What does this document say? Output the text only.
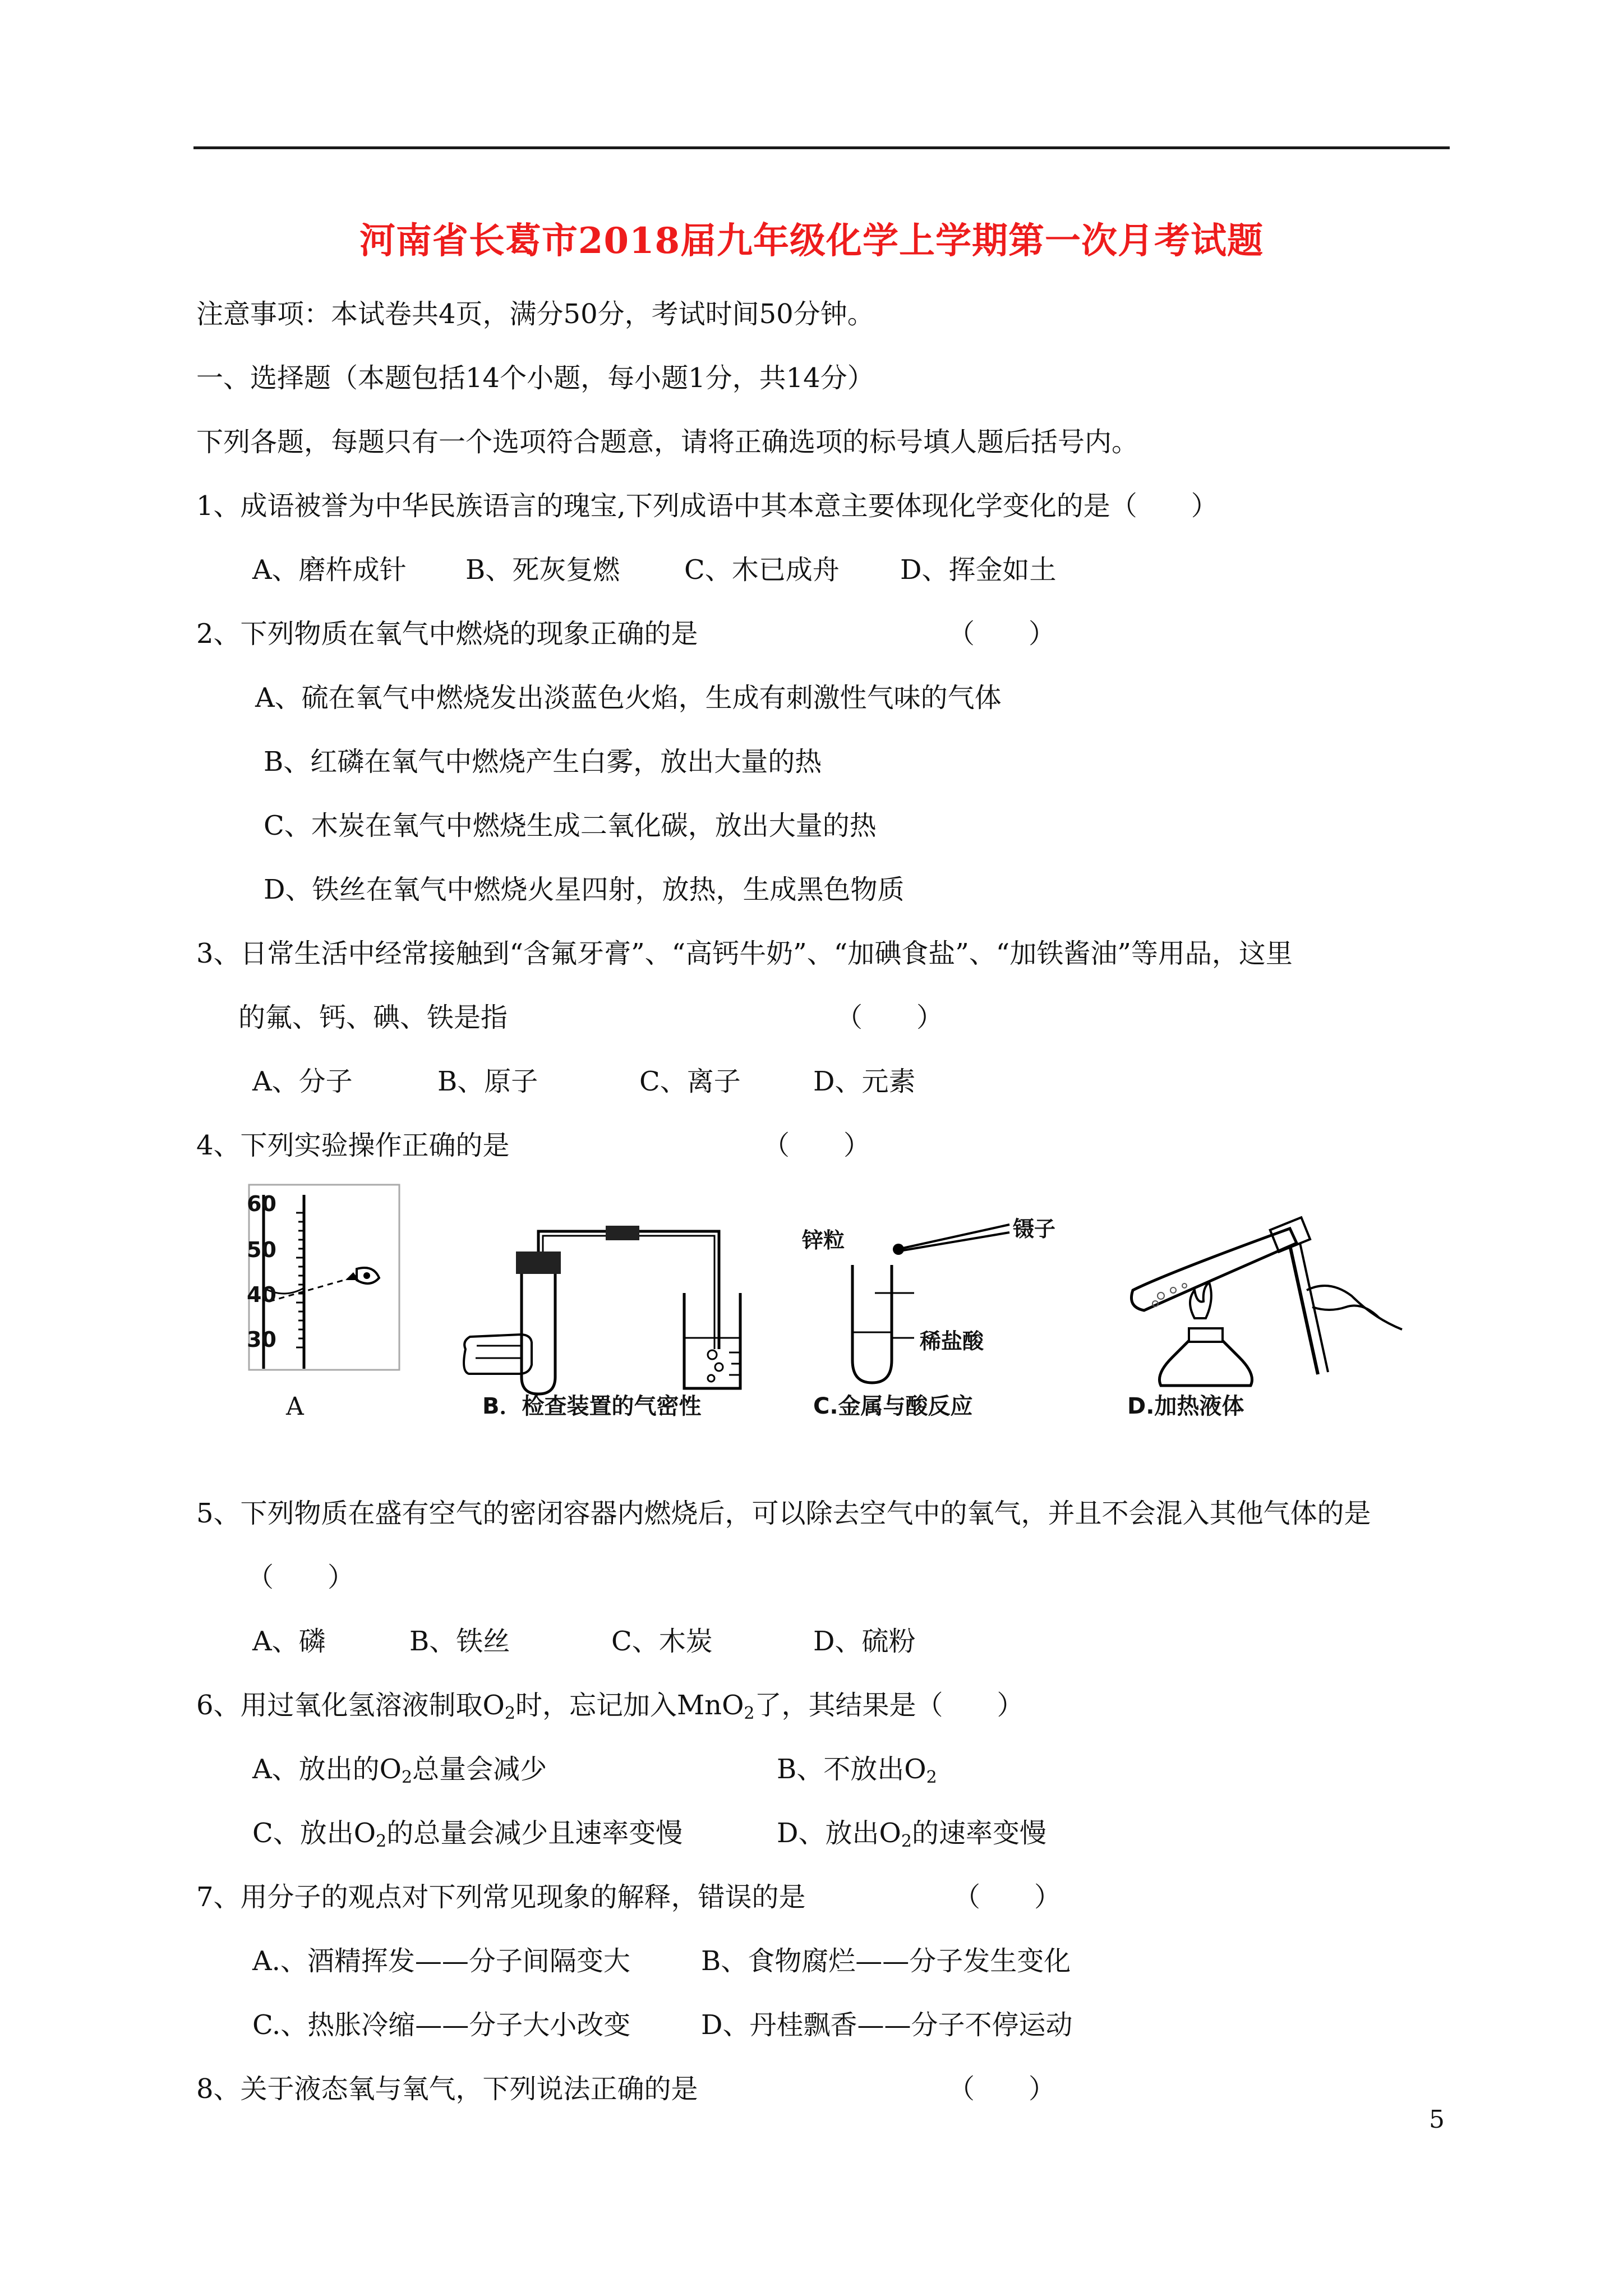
河南省长葛市2018届九年级化学上学期第一次月考试题
注意事项：本试卷共4页，满分50分，考试时间50分钟。
一、选择题（本题包括14个小题，每小题1分，共14分）
下列各题，每题只有一个选项符合题意，请将正确选项的标号填人题后括号内。
1、成语被誉为中华民族语言的瑰宝,下列成语中其本意主要体现化学变化的是（　　）
A、磨杵成针 B、死灰复燃 C、木已成舟 D、挥金如土
2、下列物质在氧气中燃烧的现象正确的是	（　　）
A、硫在氧气中燃烧发出淡蓝色火焰，生成有刺激性气味的气体
B、红磷在氧气中燃烧产生白雾，放出大量的热
C、木炭在氧气中燃烧生成二氧化碳，放出大量的热
D、铁丝在氧气中燃烧火星四射，放热，生成黑色物质
3、日常生活中经常接触到“含氟牙膏”、“高钙牛奶”、“加碘食盐”、“加铁酱油”等用品，这里
的氟、钙、碘、铁是指	（　　）
A、分子	B、原子	C、离子	D、元素
4、下列实验操作正确的是	（　　）
60
50
40
30
A	B．检查装置的气密性
锌粒	镊子
稀盐酸
C.金属与酸反应	D.加热液体
5、下列物质在盛有空气的密闭容器内燃烧后，可以除去空气中的氧气，并且不会混入其他气体的是
（　　）
A、磷	B、铁丝	C、木炭	D、硫粉
6、用过氧化氢溶液制取$O_2$时，忘记加入MnO$_2$了，其结果是（　　）
A、放出的$O_2$总量会减少	B、不放出$O_2$
C、放出$O_2$的总量会减少且速率变慢	D、放出$O_2$的速率变慢
7、用分子的观点对下列常见现象的解释，错误的是	（　　）
A.、酒精挥发——分子间隔变大	B、食物腐烂——分子发生变化
C.、热胀冷缩——分子大小改变	D、丹桂飘香——分子不停运动
8、关于液态氧与氧气，下列说法正确的是	（　　）
5
